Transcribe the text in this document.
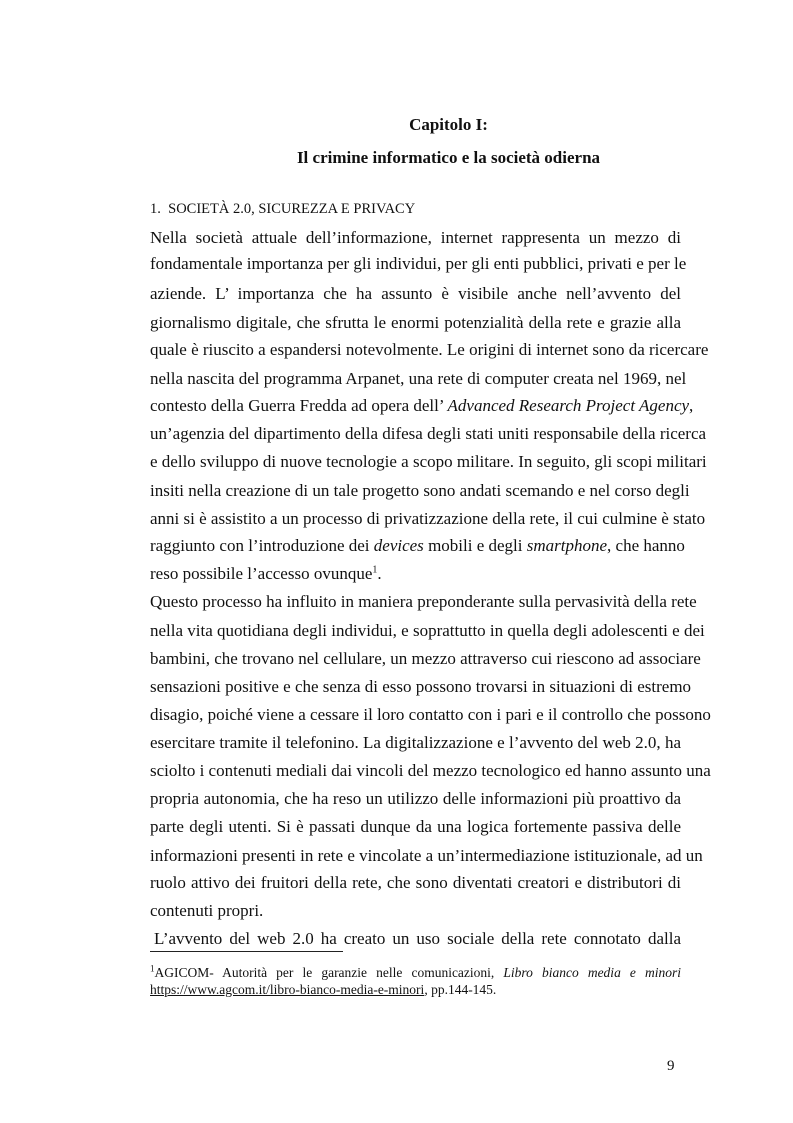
Capitolo I:
Il crimine informatico e la società odierna
1. SOCIETÀ 2.0, SICUREZZA E PRIVACY
Nella società attuale dell’informazione, internet rappresenta un mezzo di
fondamentale importanza per gli individui, per gli enti pubblici, privati e per le
aziende. L’ importanza che ha assunto è visibile anche nell’avvento del
giornalismo digitale, che sfrutta le enormi potenzialità della rete e grazie alla
quale è riuscito a espandersi notevolmente. Le origini di internet sono da ricercare
nella nascita del programma Arpanet, una rete di computer creata nel 1969, nel
contesto della Guerra Fredda ad opera dell’ Advanced Research Project Agency,
un’agenzia del dipartimento della difesa degli stati uniti responsabile della ricerca
e dello sviluppo di nuove tecnologie a scopo militare. In seguito, gli scopi militari
insiti nella creazione di un tale progetto sono andati scemando e nel corso degli
anni si è assistito a un processo di privatizzazione della rete, il cui culmine è stato
raggiunto con l’introduzione dei devices mobili e degli smartphone, che hanno
reso possibile l’accesso ovunque$^1$.
Questo processo ha influito in maniera preponderante sulla pervasività della rete
nella vita quotidiana degli individui, e soprattutto in quella degli adolescenti e dei
bambini, che trovano nel cellulare, un mezzo attraverso cui riescono ad associare
sensazioni positive e che senza di esso possono trovarsi in situazioni di estremo
disagio, poiché viene a cessare il loro contatto con i pari e il controllo che possono
esercitare tramite il telefonino. La digitalizzazione e l’avvento del web 2.0, ha
sciolto i contenuti mediali dai vincoli del mezzo tecnologico ed hanno assunto una
propria autonomia, che ha reso un utilizzo delle informazioni più proattivo da
parte degli utenti. Si è passati dunque da una logica fortemente passiva delle
informazioni presenti in rete e vincolate a un’intermediazione istituzionale, ad un
ruolo attivo dei fruitori della rete, che sono diventati creatori e distributori di
contenuti propri.
L’avvento del web 2.0 ha creato un uso sociale della rete connotato dalla
$^1$AGICOM- Autorità per le garanzie nelle comunicazioni, Libro bianco media e minori
https://www.agcom.it/libro-bianco-media-e-minori, pp.144-145.
9
